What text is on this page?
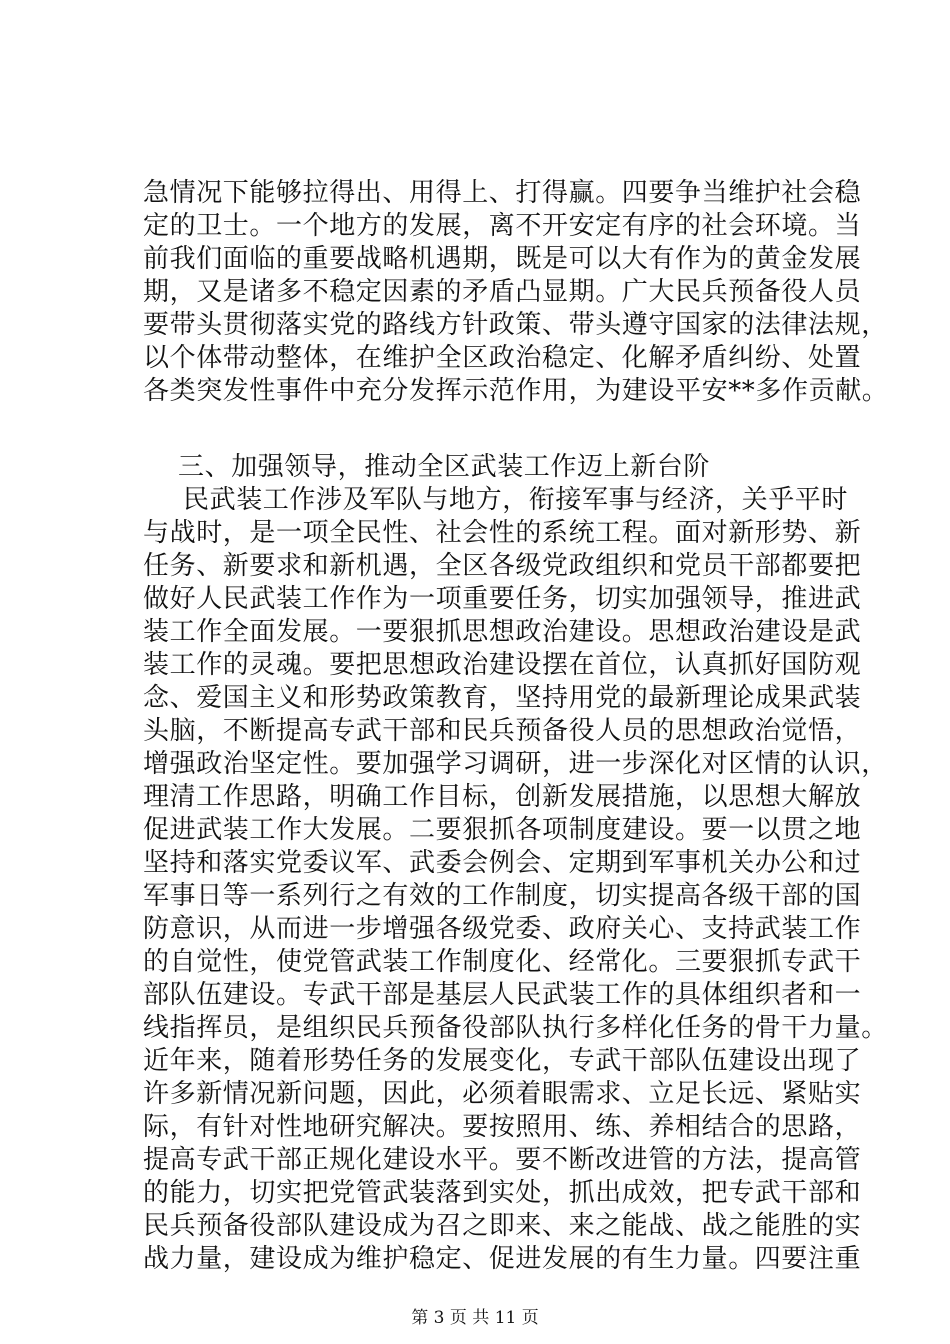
急情况下能够拉得出、用得上、打得赢。四要争当维护社会稳
定的卫士。一个地方的发展，离不开安定有序的社会环境。当
前我们面临的重要战略机遇期，既是可以大有作为的黄金发展
期，又是诸多不稳定因素的矛盾凸显期。广大民兵预备役人员
要带头贯彻落实党的路线方针政策、带头遵守国家的法律法规，
以个体带动整体，在维护全区政治稳定、化解矛盾纠纷、处置
各类突发性事件中充分发挥示范作用，为建设平安**多作贡献。
三、加强领导，推动全区武装工作迈上新台阶
民武装工作涉及军队与地方，衔接军事与经济，关乎平时
与战时，是一项全民性、社会性的系统工程。面对新形势、新
任务、新要求和新机遇，全区各级党政组织和党员干部都要把
做好人民武装工作作为一项重要任务，切实加强领导，推进武
装工作全面发展。一要狠抓思想政治建设。思想政治建设是武
装工作的灵魂。要把思想政治建设摆在首位，认真抓好国防观
念、爱国主义和形势政策教育，坚持用党的最新理论成果武装
头脑，不断提高专武干部和民兵预备役人员的思想政治觉悟，
增强政治坚定性。要加强学习调研，进一步深化对区情的认识，
理清工作思路，明确工作目标，创新发展措施，以思想大解放
促进武装工作大发展。二要狠抓各项制度建设。要一以贯之地
坚持和落实党委议军、武委会例会、定期到军事机关办公和过
军事日等一系列行之有效的工作制度，切实提高各级干部的国
防意识，从而进一步增强各级党委、政府关心、支持武装工作
的自觉性，使党管武装工作制度化、经常化。三要狠抓专武干
部队伍建设。专武干部是基层人民武装工作的具体组织者和一
线指挥员，是组织民兵预备役部队执行多样化任务的骨干力量。
近年来，随着形势任务的发展变化，专武干部队伍建设出现了
许多新情况新问题，因此，必须着眼需求、立足长远、紧贴实
际，有针对性地研究解决。要按照用、练、养相结合的思路，
提高专武干部正规化建设水平。要不断改进管的方法，提高管
的能力，切实把党管武装落到实处，抓出成效，把专武干部和
民兵预备役部队建设成为召之即来、来之能战、战之能胜的实
战力量，建设成为维护稳定、促进发展的有生力量。四要注重
第 3 页 共 11 页
